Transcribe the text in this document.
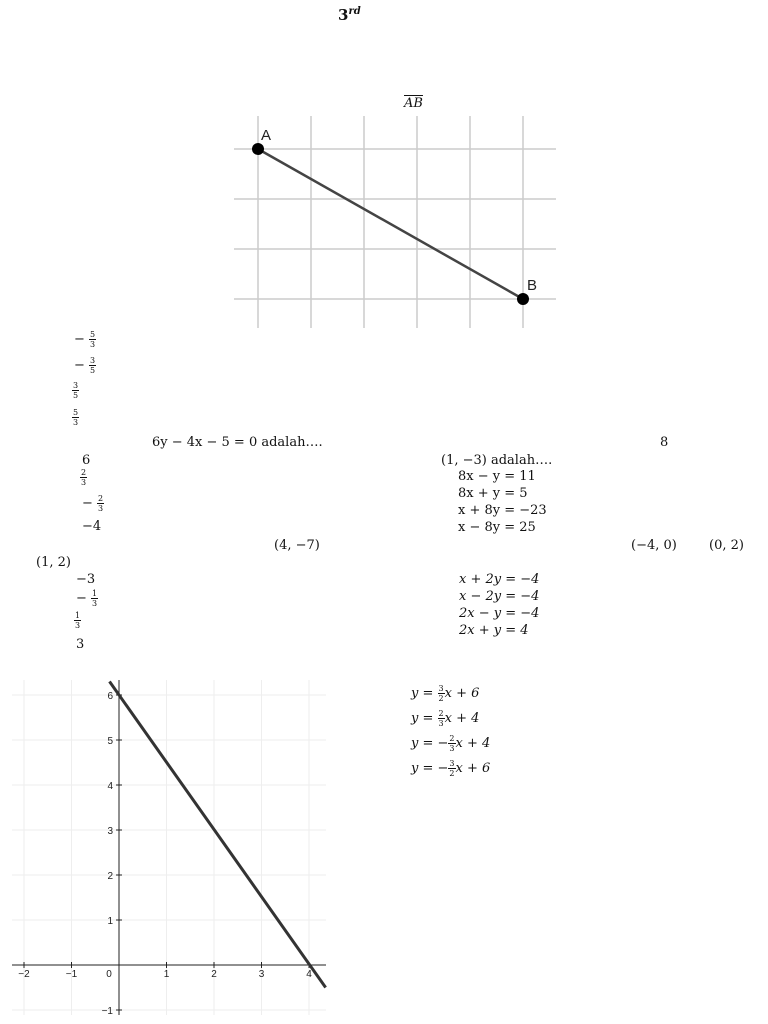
3rd
$\overline{AB}$
A
B
− $\frac{5}{3}$
− $\frac{3}{5}$
$\frac{3}{5}$
$\frac{5}{3}$
6y − 4x − 5 = 0 adalah….	8
(1, −3) adalah….
6
$\frac{2}{3}$
− $\frac{2}{3}$
−4
8x − y = 11
8x + y = 5
x + 8y = −23
x − 8y = 25
(4, −7)	(−4, 0) (0, 2)
(1, 2)
−3
− $\frac{1}{3}$
$\frac{1}{3}$
3
x + 2y = −4
x − 2y = −4
2x − y = −4
2x + y = 4
$y = \frac{3}{2}$ x + 6
$y = \frac{2}{3}$ x + 4
y = − $\frac{2}{3}$ x + 4
y = − $\frac{3}{2}$ x + 6
−2	−1	0	1	2	3	4
−1
1
2
3
4
5
6
